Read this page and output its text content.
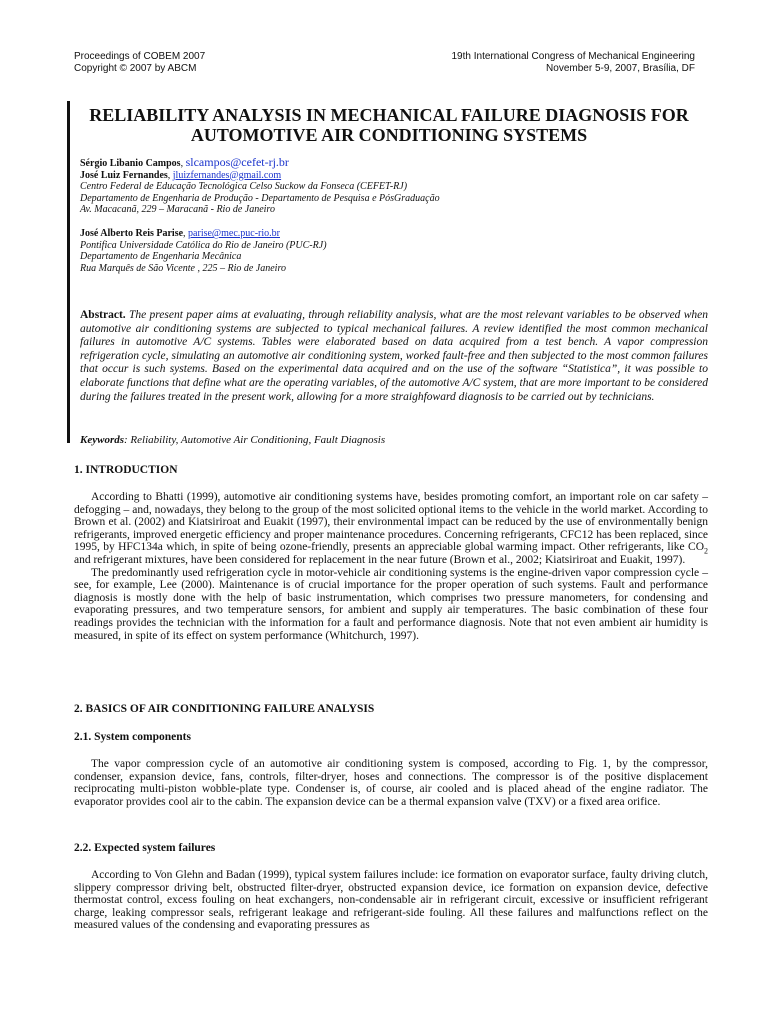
Proceedings of COBEM 2007
Copyright © 2007 by ABCM
19th International Congress of Mechanical Engineering
November 5-9, 2007, Brasília, DF
RELIABILITY ANALYSIS IN MECHANICAL FAILURE DIAGNOSIS FOR
AUTOMOTIVE AIR CONDITIONING SYSTEMS
Sérgio Libanio Campos, slcampos@cefet-rj.br
José Luiz Fernandes, jluizfernandes@gmail.com
Centro Federal de Educação Tecnológica Celso Suckow da Fonseca (CEFET-RJ)
Departamento de Engenharia de Produção - Departamento de Pesquisa e PósGraduação
Av. Macacanã, 229 – Maracanã - Rio de Janeiro
José Alberto Reis Parise, parise@mec.puc-rio.br
Pontifica Universidade Católica do Rio de Janeiro (PUC-RJ)
Departamento de Engenharia Mecânica
Rua Marquês de São Vicente , 225 – Rio de Janeiro
Abstract. The present paper aims at evaluating, through reliability analysis, what are the most relevant variables to be observed when automotive air conditioning systems are subjected to typical mechanical failures. A review identified the most common mechanical failures in automotive A/C systems. Tables were elaborated based on data acquired from a test bench. A vapor compression refrigeration cycle, simulating an automotive air conditioning system, worked fault-free and then subjected to the most common failures that occur is such systems. Based on the experimental data acquired and on the use of the software “Statistica”, it was possible to elaborate functions that define what are the operating variables, of the automotive A/C system, that are more important to be considered during the failures treated in the present work, allowing for a more straighfoward diagnosis to be carried out by technicians.
Keywords: Reliability, Automotive Air Conditioning, Fault Diagnosis
1. INTRODUCTION

According to Bhatti (1999), automotive air conditioning systems have, besides promoting comfort, an important role on car safety – defogging – and, nowadays, they belong to the group of the most solicited optional items to the vehicle in the world market. According to Brown et al. (2002) and Kiatsiriroat and Euakit (1997), their environmental impact can be reduced by the use of environmentally benign refrigerants, improved energetic efficiency and proper maintenance procedures. Concerning refrigerants, CFC12 has been replaced, since 1995, by HFC134a which, in spite of being ozone-friendly, presents an appreciable global warming impact. Other refrigerants, like $CO_2$ and refrigerant mixtures, have been considered for replacement in the near future (Brown et al., 2002; Kiatsiriroat and Euakit, 1997).

The predominantly used refrigeration cycle in motor-vehicle air conditioning systems is the engine-driven vapor compression cycle – see, for example, Lee (2000). Maintenance is of crucial importance for the proper operation of such systems. Fault and performance diagnosis is mostly done with the help of basic instrumentation, which comprises two pressure manometers, for condensing and evaporating pressures, and two temperature sensors, for ambient and supply air temperatures. The basic combination of these four readings provides the technician with the information for a fault and performance diagnosis. Note that not even ambient air humidity is measured, in spite of its effect on system performance (Whitchurch, 1997).

2. BASICS OF AIR CONDITIONING FAILURE ANALYSIS
2.1. System components

The vapor compression cycle of an automotive air conditioning system is composed, according to Fig. 1, by the compressor, condenser, expansion device, fans, controls, filter-dryer, hoses and connections. The compressor is of the positive displacement reciprocating multi-piston wobble-plate type. Condenser is, of course, air cooled and is placed ahead of the engine radiator. The evaporator provides cool air to the cabin. The expansion device can be a thermal expansion valve (TXV) or a fixed area orifice.

2.2. Expected system failures

According to Von Glehn and Badan (1999), typical system failures include: ice formation on evaporator surface, faulty driving clutch, slippery compressor driving belt, obstructed filter-dryer, obstructed expansion device, ice formation on expansion device, defective thermostat control, excess fouling on heat exchangers, non-condensable air in refrigerant circuit, excessive or insufficient refrigerant charge, leaking compressor seals, refrigerant leakage and refrigerant-side fouling. All these failures and malfunctions reflect on the measured values of the condensing and evaporating pressures as
